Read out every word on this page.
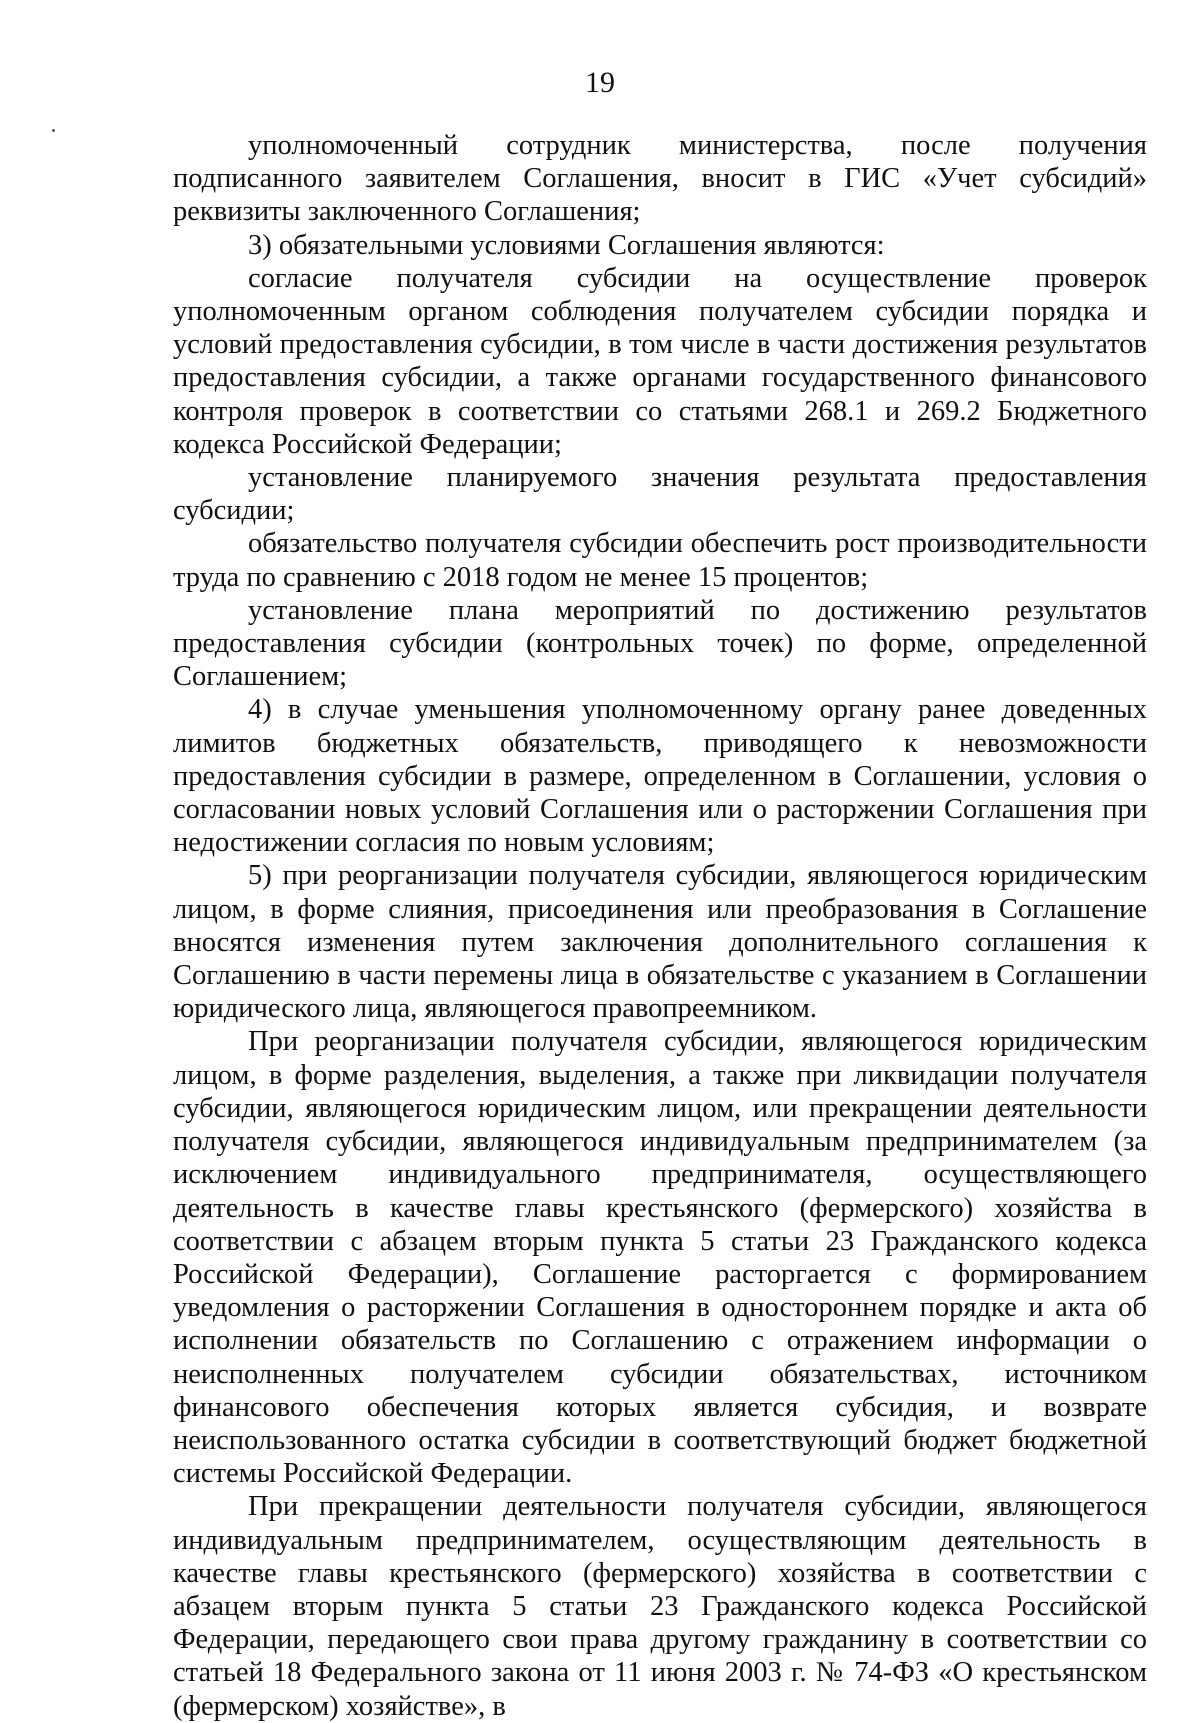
19

уполномоченный сотрудник министерства, после получения подписанного заявителем Соглашения, вносит в ГИС «Учет субсидий» реквизиты заключенного Соглашения;

3) обязательными условиями Соглашения являются:

согласие получателя субсидии на осуществление проверок уполномоченным органом соблюдения получателем субсидии порядка и условий предоставления субсидии, в том числе в части достижения результатов предоставления субсидии, а также органами государственного финансового контроля проверок в соответствии со статьями 268.1 и 269.2 Бюджетного кодекса Российской Федерации;

установление планируемого значения результата предоставления субсидии;

обязательство получателя субсидии обеспечить рост производительности труда по сравнению с 2018 годом не менее 15 процентов;

установление плана мероприятий по достижению результатов предоставления субсидии (контрольных точек) по форме, определенной Соглашением;

4) в случае уменьшения уполномоченному органу ранее доведенных лимитов бюджетных обязательств, приводящего к невозможности предоставления субсидии в размере, определенном в Соглашении, условия о согласовании новых условий Соглашения или о расторжении Соглашения при недостижении согласия по новым условиям;

5) при реорганизации получателя субсидии, являющегося юридическим лицом, в форме слияния, присоединения или преобразования в Соглашение вносятся изменения путем заключения дополнительного соглашения к Соглашению в части перемены лица в обязательстве с указанием в Соглашении юридического лица, являющегося правопреемником.

При реорганизации получателя субсидии, являющегося юридическим лицом, в форме разделения, выделения, а также при ликвидации получателя субсидии, являющегося юридическим лицом, или прекращении деятельности получателя субсидии, являющегося индивидуальным предпринимателем (за исключением индивидуального предпринимателя, осуществляющего деятельность в качестве главы крестьянского (фермерского) хозяйства в соответствии с абзацем вторым пункта 5 статьи 23 Гражданского кодекса Российской Федерации), Соглашение расторгается с формированием уведомления о расторжении Соглашения в одностороннем порядке и акта об исполнении обязательств по Соглашению с отражением информации о неисполненных получателем субсидии обязательствах, источником финансового обеспечения которых является субсидия, и возврате неиспользованного остатка субсидии в соответствующий бюджет бюджетной системы Российской Федерации.

При прекращении деятельности получателя субсидии, являющегося индивидуальным предпринимателем, осуществляющим деятельность в качестве главы крестьянского (фермерского) хозяйства в соответствии с абзацем вторым пункта 5 статьи 23 Гражданского кодекса Российской Федерации, передающего свои права другому гражданину в соответствии со статьей 18 Федерального закона от 11 июня 2003 г. № 74-ФЗ «О крестьянском (фермерском) хозяйстве», в
